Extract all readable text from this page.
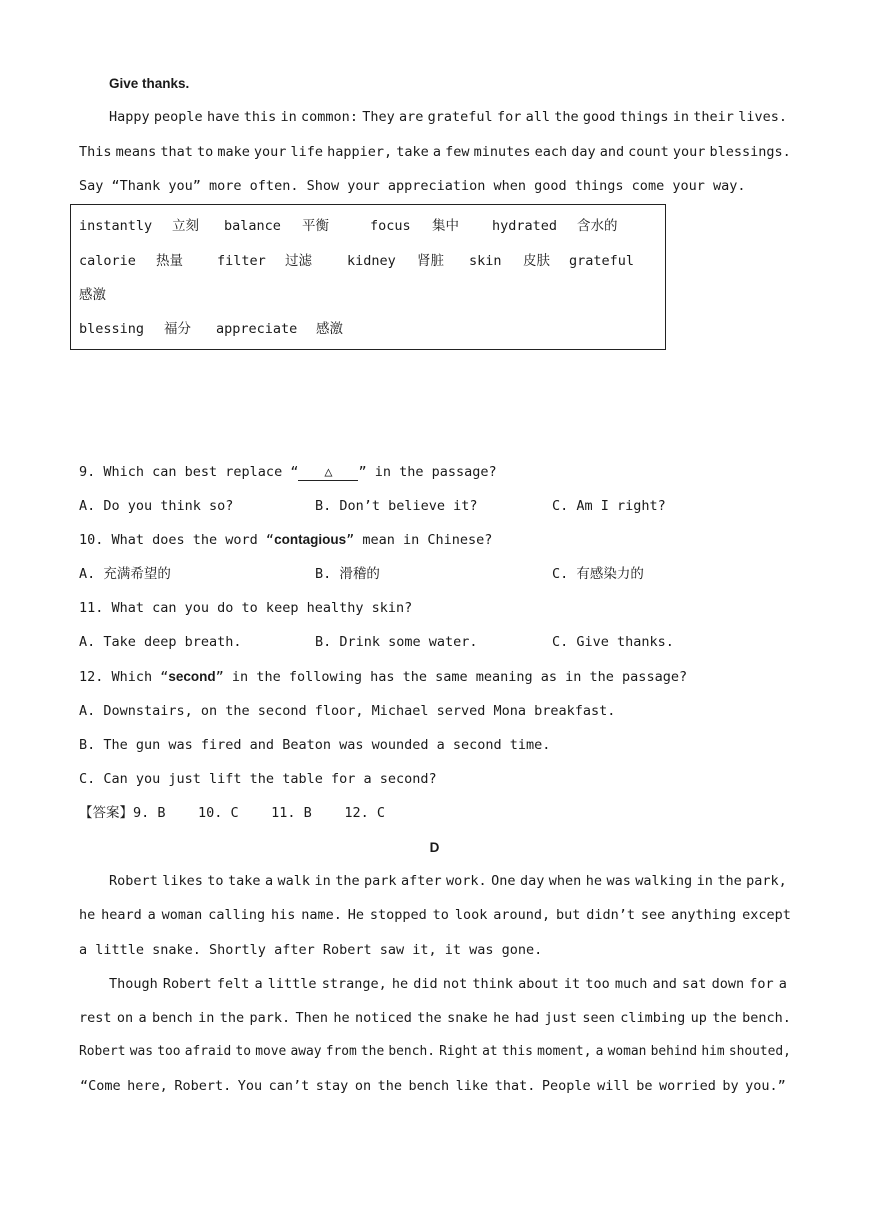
Give thanks.
Happy people have this in common: They are grateful for all the good things in their lives.
This means that to make your life happier, take a few minutes each day and count your blessings.
Say “Thank you” more often. Show your appreciation when good things come your way.
instantly 立刻 balance 平衡	focus 集中 hydrated 含水的
calorie 热量	filter 过滤	kidney 肾脏 skin 皮肤 grateful
感激
blessing 福分 appreciate 感激
9. Which can best replace “ △ ” in the passage?
A. Do you think so?	B. Don’t believe it?	C. Am I right?
10. What does the word “contagious” mean in Chinese?
A. 充满希望的	B. 滑稽的	C. 有感染力的
11. What can you do to keep healthy skin?
A. Take deep breath.	B. Drink some water.	C. Give thanks.
12. Which “second” in the following has the same meaning as in the passage?
A. Downstairs, on the second floor, Michael served Mona breakfast.
B. The gun was fired and Beaton was wounded a second time.
C. Can you just lift the table for a second?
【答案】9. B    10. C    11. B    12. C
D
Robert likes to take a walk in the park after work. One day when he was walking in the park,
he heard a woman calling his name. He stopped to look around, but didn’t see anything except
a little snake. Shortly after Robert saw it, it was gone.
Though Robert felt a little strange, he did not think about it too much and sat down for a
rest on a bench in the park. Then he noticed the snake he had just seen climbing up the bench.
Robert was too afraid to move away from the bench. Right at this moment, a woman behind him shouted,
“Come here, Robert. You can’t stay on the bench like that. People will be worried by you.”
